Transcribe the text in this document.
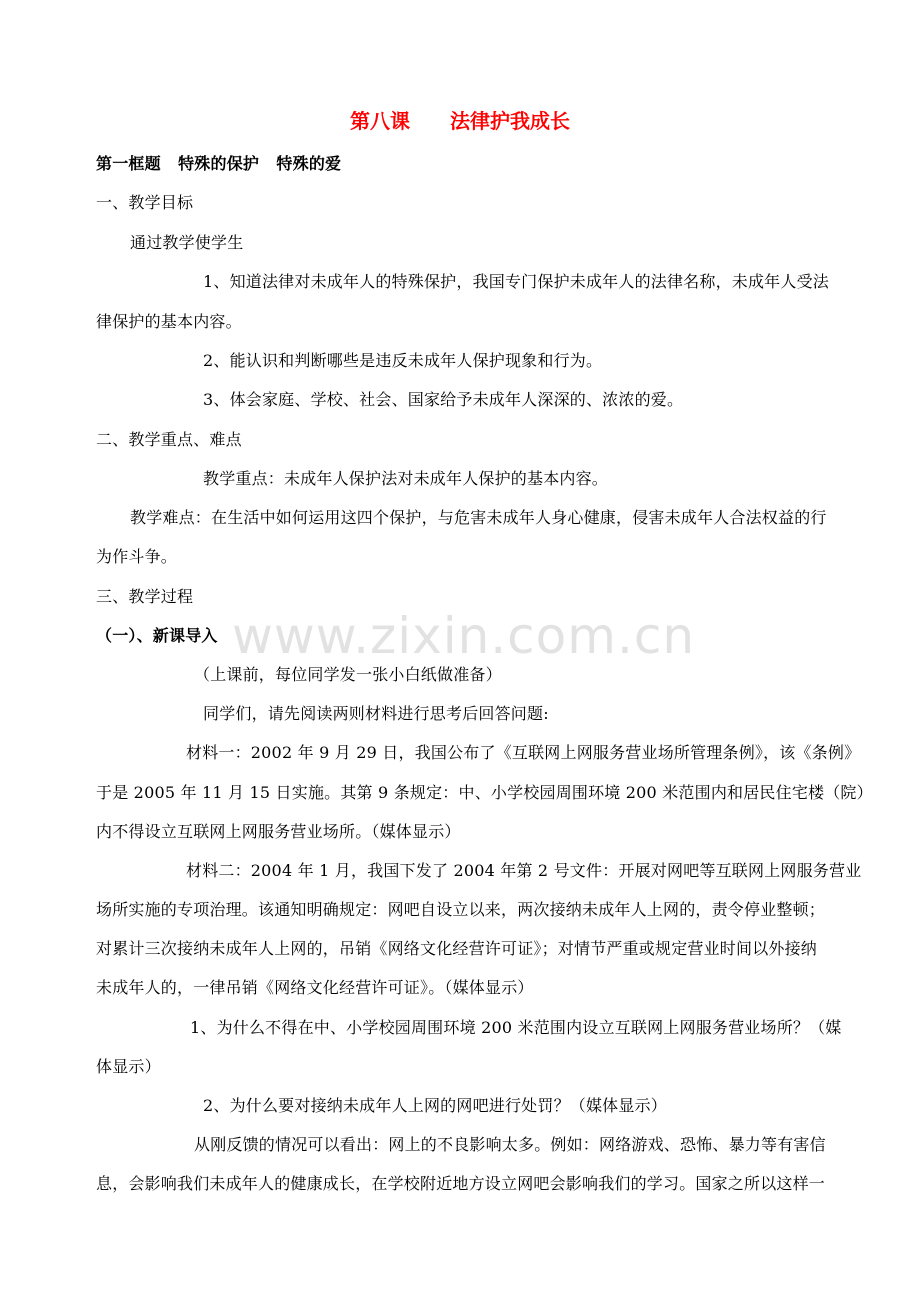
第八课 法律护我成长
www.zixin.com.cn

第一框题   特殊的保护   特殊的爱

一、教学目标

通过教学使学生

1、知道法律对未成年人的特殊保护，我国专门保护未成年人的法律名称，未成年人受法

律保护的基本内容。

2、能认识和判断哪些是违反未成年人保护现象和行为。

3、体会家庭、学校、社会、国家给予未成年人深深的、浓浓的爱。

二、教学重点、难点

教学重点：未成年人保护法对未成年人保护的基本内容。

教学难点：在生活中如何运用这四个保护，与危害未成年人身心健康，侵害未成年人合法权益的行

为作斗争。

三、教学过程

（一）、新课导入

（上课前，每位同学发一张小白纸做准备）

同学们，请先阅读两则材料进行思考后回答问题:

材料一：2002 年 9 月 29 日，我国公布了《互联网上网服务营业场所管理条例》，该《条例》

于是 2005 年 11 月 15 日实施。其第 9 条规定：中、小学校园周围环境 200 米范围内和居民住宅楼（院）

内不得设立互联网上网服务营业场所。（媒体显示）

材料二：2004 年 1 月，我国下发了 2004 年第 2 号文件：开展对网吧等互联网上网服务营业

场所实施的专项治理。该通知明确规定：网吧自设立以来，两次接纳未成年人上网的，责令停业整顿；

对累计三次接纳未成年人上网的，吊销《网络文化经营许可证》；对情节严重或规定营业时间以外接纳

未成年人的，一律吊销《网络文化经营许可证》。（媒体显示）

1、为什么不得在中、小学校园周围环境 200 米范围内设立互联网上网服务营业场所？（媒

体显示）

2、为什么要对接纳未成年人上网的网吧进行处罚？（媒体显示）

从刚反馈的情况可以看出：网上的不良影响太多。例如：网络游戏、恐怖、暴力等有害信

息，会影响我们未成年人的健康成长，在学校附近地方设立网吧会影响我们的学习。国家之所以这样一
